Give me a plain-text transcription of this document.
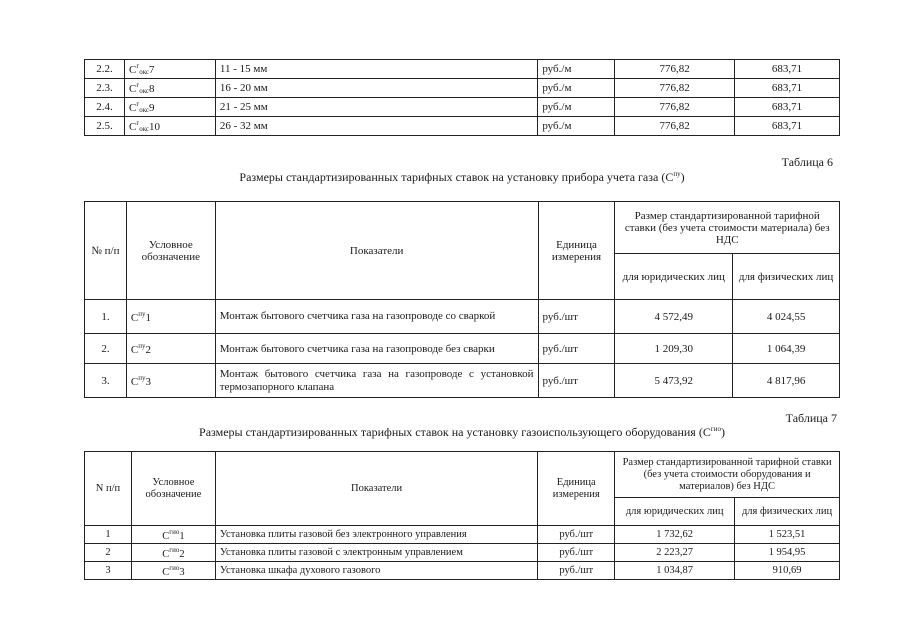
2.2.	$C^г_{окс}7$	11 - 15 мм	руб./м	776,82	683,71
2.3.	$C^г_{окс}8$	16 - 20 мм	руб./м	776,82	683,71
2.4.	$C^г_{окс}9$	21 - 25 мм	руб./м	776,82	683,71
2.5.	$C^г_{окс}10$	26 - 32 мм	руб./м	776,82	683,71
Таблица 6
Размеры стандартизированных тарифных ставок на установку прибора учета газа $(C^{пу})$
№ п/п	Условное обозначение	Показатели	Единица измерения	Размер стандартизированной тарифной ставки (без учета стоимости материала) без НДС	
				для юридических лиц	для физических лиц
1.	$C^{пу}1$	Монтаж бытового счетчика газа на газопроводе со сваркой	руб./шт	4 572,49	4 024,55
2.	$C^{пу}2$	Монтаж бытового счетчика газа на газопроводе без сварки	руб./шт	1 209,30	1 064,39
3.	$C^{пу}3$	Монтаж бытового счетчика газа на газопроводе с установкой термозапорного клапана	руб./шт	5 473,92	4 817,96
Таблица 7
Размеры стандартизированных тарифных ставок на установку газоиспользующего оборудования $(C^{гио})$
N п/п	Условное обозначение	Показатели	Единица измерения	Размер стандартизированной тарифной ставки (без учета стоимости оборудования и материалов) без НДС	
				для юридических лиц	для физических лиц
1	$C^{гио}1$	Установка плиты газовой без электронного управления	руб./шт	1 732,62	1 523,51
2	$C^{гио}2$	Установка плиты газовой с электронным управлением	руб./шт	2 223,27	1 954,95
3	$C^{гио}3$	Установка шкафа духового газового	руб./шт	1 034,87	910,69
